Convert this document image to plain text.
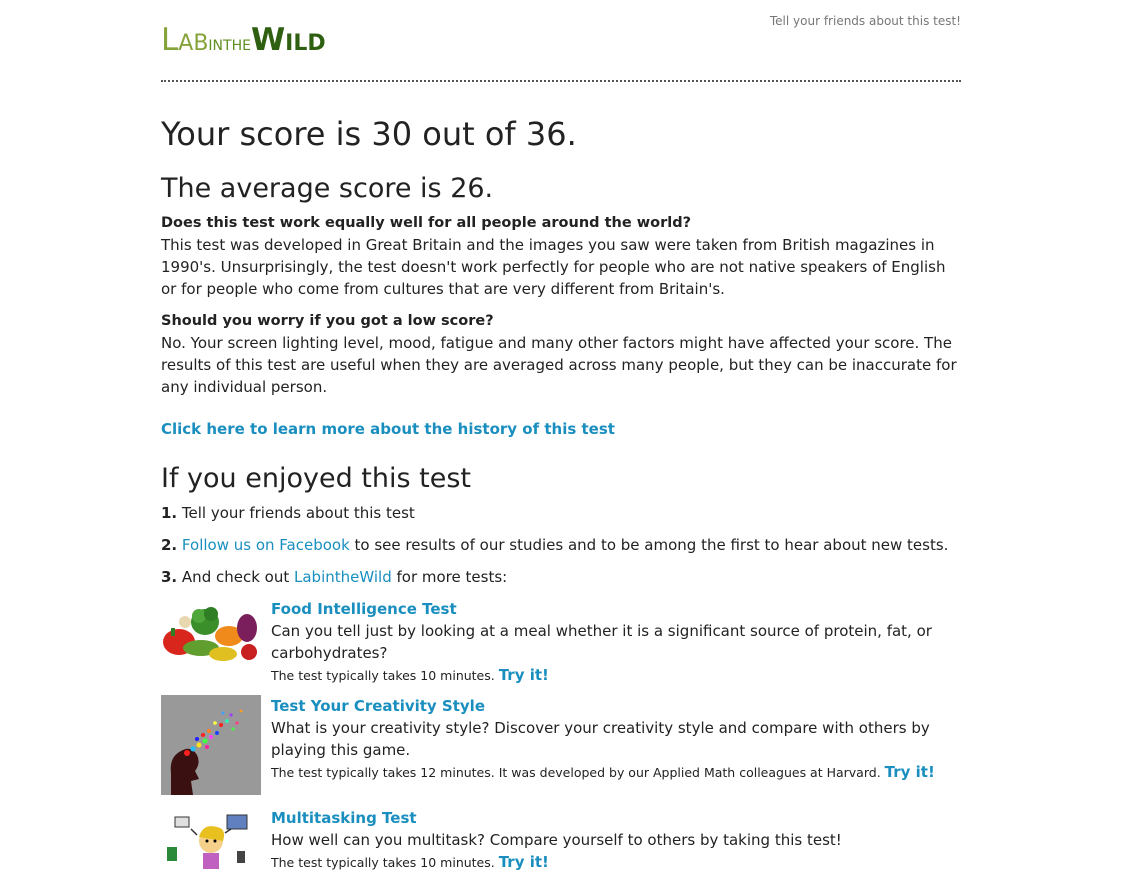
LabintheWild
Tell your friends about this test!
Your score is 30 out of 36.
The average score is 26.
Does this test work equally well for all people around the world?

This test was developed in Great Britain and the images you saw were taken from British magazines in 1990's. Unsurprisingly, the test doesn't work perfectly for people who are not native speakers of English or for people who come from cultures that are very different from Britain's.

Should you worry if you got a low score?

No. Your screen lighting level, mood, fatigue and many other factors might have affected your score. The results of this test are useful when they are averaged across many people, but they can be inaccurate for any individual person.

Click here to learn more about the history of this test
If you enjoyed this test
1. Tell your friends about this test
2. Follow us on Facebook to see results of our studies and to be among the first to hear about new tests.
3. And check out LabintheWild for more tests:
Food Intelligence Test
Can you tell just by looking at a meal whether it is a significant source of protein, fat, or carbohydrates?
The test typically takes 10 minutes. Try it!
Test Your Creativity Style
What is your creativity style? Discover your creativity style and compare with others by playing this game.
The test typically takes 12 minutes. It was developed by our Applied Math colleagues at Harvard. Try it!
Multitasking Test
How well can you multitask? Compare yourself to others by taking this test!
The test typically takes 10 minutes. Try it!
